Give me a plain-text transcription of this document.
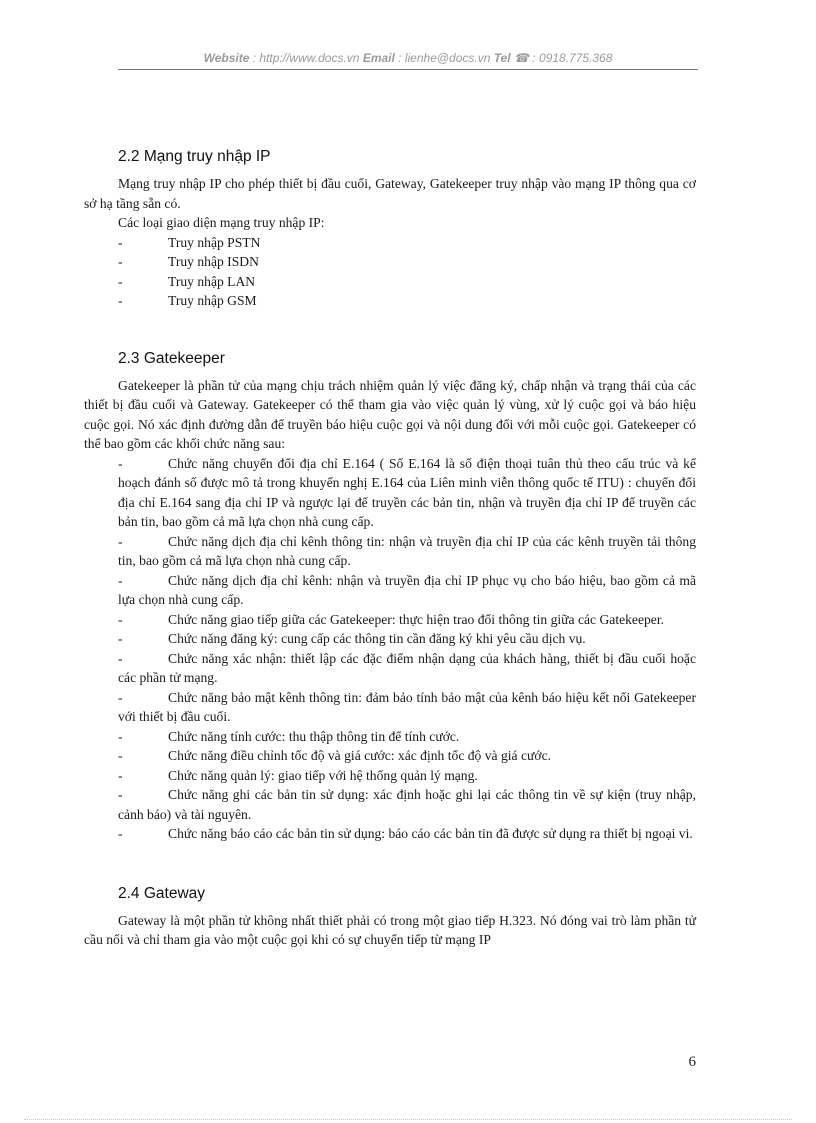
Website : http://www.docs.vn Email : lienhe@docs.vn Tel ☎ : 0918.775.368
2.2 Mạng truy nhập IP

Mạng truy nhập IP cho phép thiết bị đầu cuối, Gateway, Gatekeeper truy nhập vào mạng IP thông qua cơ sở hạ tầng sẵn có.

Các loại giao diện mạng truy nhập IP:

-	Truy nhập PSTN
-	Truy nhập ISDN
-	Truy nhập LAN
-	Truy nhập GSM
2.3 Gatekeeper

Gatekeeper là phần tử của mạng chịu trách nhiệm quản lý việc đăng ký, chấp nhận và trạng thái của các thiết bị đầu cuối và Gateway. Gatekeeper có thể tham gia vào việc quản lý vùng, xử lý cuộc gọi và báo hiệu cuộc gọi. Nó xác định đường dẫn để truyền báo hiệu cuộc gọi và nội dung đối với mỗi cuộc gọi. Gatekeeper có thể bao gồm các khối chức năng sau:

-	Chức năng chuyển đổi địa chỉ E.164 ( Số E.164 là số điện thoại tuân thủ theo cấu trúc và kế hoạch đánh số được mô tả trong khuyến nghị E.164 của Liên minh viễn thông quốc tế ITU) : chuyển đổi địa chỉ E.164 sang địa chỉ IP và ngược lại để truyền các bản tin, nhận và truyền địa chỉ IP để truyền các bản tin, bao gồm cả mã lựa chọn nhà cung cấp.
-	Chức năng dịch địa chỉ kênh thông tin: nhận và truyền địa chỉ IP của các kênh truyền tải thông tin, bao gồm cả mã lựa chọn nhà cung cấp.
-	Chức năng dịch địa chỉ kênh: nhận và truyền địa chỉ IP phục vụ cho báo hiệu, bao gồm cả mã lựa chọn nhà cung cấp.
-	Chức năng giao tiếp giữa các Gatekeeper: thực hiện trao đổi thông tin giữa các Gatekeeper.
-	Chức năng đăng ký: cung cấp các thông tin cần đăng ký khi yêu cầu dịch vụ.
-	Chức năng xác nhận: thiết lập các đặc điểm nhận dạng của khách hàng, thiết bị đầu cuối hoặc các phần tử mạng.
-	Chức năng bảo mật kênh thông tin: đảm bảo tính bảo mật của kênh báo hiệu kết nối Gatekeeper với thiết bị đầu cuối.
-	Chức năng tính cước: thu thập thông tin để tính cước.
-	Chức năng điều chỉnh tốc độ và giá cước: xác định tốc độ và giá cước.
-	Chức năng quản lý: giao tiếp với hệ thống quản lý mạng.
-	Chức năng ghi các bản tin sử dụng: xác định hoặc ghi lại các thông tin về sự kiện (truy nhập, cảnh báo) và tài nguyên.
-	Chức năng báo cáo các bản tin sử dụng: báo cáo các bản tin đã được sử dụng ra thiết bị ngoại vi.
2.4 Gateway

Gateway là một phần tử không nhất thiết phải có trong một giao tiếp H.323. Nó đóng vai trò làm phần tử cầu nối và chỉ tham gia vào một cuộc gọi khi có sự chuyển tiếp từ mạng IP

6
